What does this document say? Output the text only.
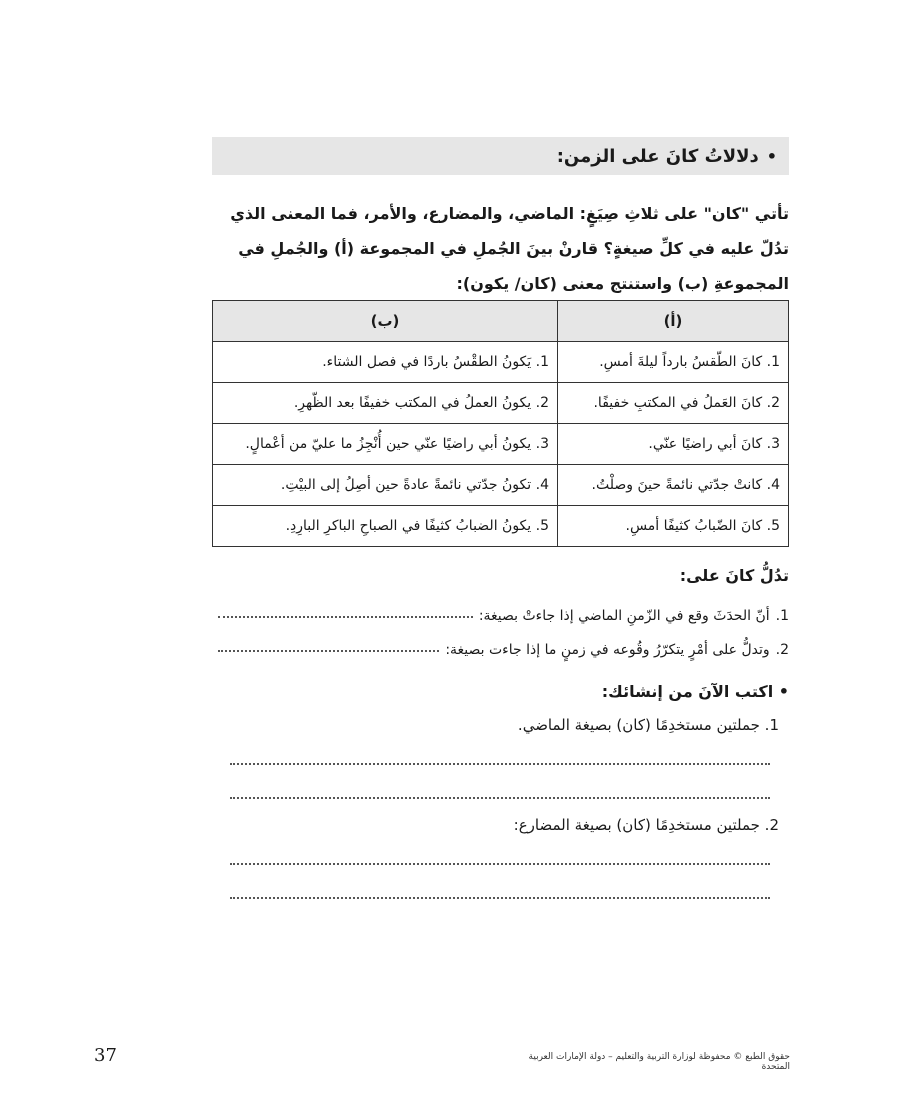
•
دلالاتُ كانَ على الزمن:
تأتي "كان" على ثلاثِ صِيَغٍ: الماضي، والمضارع، والأمر، فما المعنى الذي تدُلّ عليه في كلِّ صيغةٍ؟ قارنْ بينَ الجُملِ في المجموعة (أ) والجُملِ في المجموعةِ (ب) واستنتج معنى (كان/ يكون):
(أ)	(ب)
1. كانَ الطّقسُ بارداً ليلةَ أمسِ.	1. يَكونُ الطقْسُ باردًا في فصل الشتاء.
2. كانَ العَملُ في المكتبِ خفيفًا.	2. يكونُ العملُ في المكتب خفيفًا بعد الظّهرِ.
3. كانَ أبي راضيًا عنّي.	3. يكونُ أبي راضيًا عنّي حين أُنْجِزُ ما عليّ من أعْمالٍ.
4. كانتْ جدّتي نائمةً حينَ وصلْتُ.	4. تكونُ جدّتي نائمةً عادةً حين أصِلُ إلى البيْتِ.
5. كانَ الضّبابُ كثيفًا أمسِ.	5. يكونُ الضبابُ كثيفًا في الصباحِ الباكرِ البارِدِ.
تدُلُّ كانَ على:
1.
أنّ الحدَثَ وقع في الزّمنِ الماضي إذا جاءتْ بصيغة:
2.
وتدلُّ على أمْرٍ يتكرّرُ وقُوعه في زمنٍ ما إذا جاءت بصيغة:
• اكتب الآنَ من إنشائك:
1. جملتين مستخدِمًا (كان) بصيغة الماضي.
2. جملتين مستخدِمًا (كان) بصيغة المضارع:
37	حقوق الطبع © محفوظة لوزارة التربية والتعليم – دولة الإمارات العربية المتحدة
